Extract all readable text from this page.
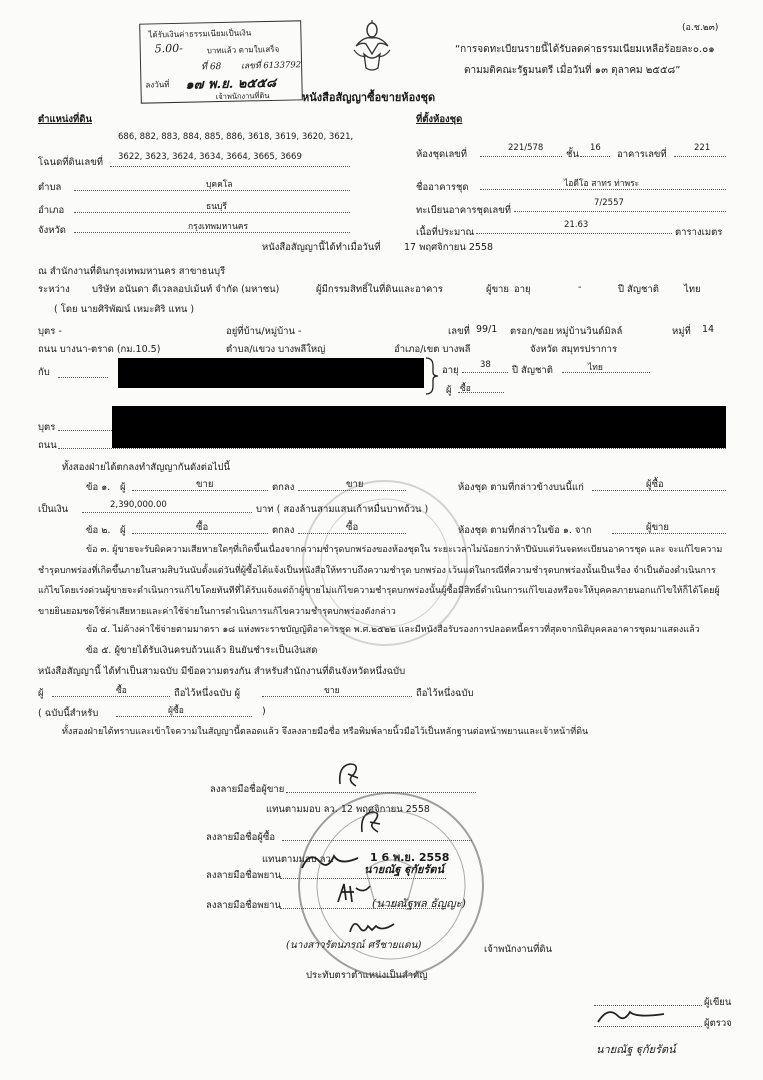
(อ.ช.๒๓)
“การจดทะเบียนรายนี้ได้รับลดค่าธรรมเนียมเหลือร้อยละ๐.๐๑
ตามมติคณะรัฐมนตรี เมื่อวันที่ ๑๓ ตุลาคม ๒๕๕๘”
หนังสือสัญญาซื้อขายห้องชุด
ได้รับเงินค่าธรรมเนียมเป็นเงิน
5.00-	บาทแล้ว ตามใบเสร็จ
ที่ 68 เลขที่ 6133792
ลงวันที่ ๑๗ พ.ย. ๒๕๕๘
เจ้าพนักงานที่ดิน
ตำแหน่งที่ดิน
686, 882, 883, 884, 885, 886, 3618, 3619, 3620, 3621,
โฉนดที่ดินเลขที่ 3622, 3623, 3624, 3634, 3664, 3665, 3669
ตำบล	บุคคโล
อำเภอ	ธนบุรี
จังหวัด	กรุงเทพมหานคร
ที่ตั้งห้องชุด
ห้องชุดเลขที่
221/578
ชั้น
16
อาคารเลขที่
221
ชื่ออาคารชุด	ไอดีโอ สาทร ท่าพระ
ทะเบียนอาคารชุดเลขที่
7/2557
เนื้อที่ประมาณ
21.63
ตารางเมตร
หนังสือสัญญานี้ได้ทำเมื่อวันที่ 17 พฤศจิกายน 2558
ณ สำนักงานที่ดินกรุงเทพมหานคร สาขาธนบุรี
ระหว่าง บริษัท อนันดา ดีเวลลอปเม้นท์ จำกัด (มหาชน)	ผู้มีกรรมสิทธิ์ในที่ดินและอาคาร	ผู้ขาย อายุ	-	ปี สัญชาติ	ไทย
( โดย นายศิริพัฒน์ เหมะศิริ แทน )
บุตร -	อยู่ที่บ้าน/หมู่บ้าน -	เลขที่ 99/1 ตรอก/ซอย หมู่บ้านวินด์มิลล์	หมู่ที่ 14
ถนน บางนา-ตราด (กม.10.5)	ตำบล/แขวง บางพลีใหญ่	อำเภอ/เขต บางพลี	จังหวัด สมุทรปราการ
กับ	อายุ	38 ปี สัญชาติ	ไทย
ผู้ ซื้อ
บุตร
ถนน
ทั้งสองฝ่ายได้ตกลงทำสัญญากันดังต่อไปนี้
ข้อ ๑. ผู้	ขาย	ตกลง	ขาย	ห้องชุด ตามที่กล่าวข้างบนนี้แก่	ผู้ซื้อ
เป็นเงิน	2,390,000.00	บาท ( สองล้านสามแสนเก้าหมื่นบาทถ้วน )
ข้อ ๒. ผู้	ซื้อ	ตกลง	ซื้อ	ห้องชุด ตามที่กล่าวในข้อ ๑. จาก	ผู้ขาย
ข้อ ๓. ผู้ขายจะรับผิดความเสียหายใดๆที่เกิดขึ้นเนื่องจากความชำรุดบกพร่องของห้องชุดใน ระยะเวลาไม่น้อยกว่าห้าปีนับแต่วันจดทะเบียนอาคารชุด และ จะแก้ไขความชำรุดบกพร่องที่เกิดขึ้นภายในสามสิบวันนับตั้งแต่วันที่ผู้ซื้อได้แจ้งเป็นหนังสือให้ทราบถึงความชำรุด บกพร่อง เว้นแต่ในกรณีที่ความชำรุดบกพร่องนั้นเป็นเรื่อง จำเป็นต้องดำเนินการแก้ไขโดยเร่งด่วนผู้ขายจะดำเนินการแก้ไขโดยทันทีที่ได้รับแจ้งแต่ถ้าผู้ขายไม่แก้ไขความชำรุดบกพร่องนั้นผู้ซื้อมีสิทธิ์ดำเนินการแก้ไขเองหรือจะให้บุคคลภายนอกแก้ไขให้ก็ได้โดยผู้ขายยินยอมชดใช้ค่าเสียหายและค่าใช้จ่ายในการดำเนินการแก้ไขความชำรุดบกพร่องดังกล่าว
ข้อ ๔. ไม่ค้างค่าใช้จ่ายตามมาตรา ๑๘ แห่งพระราชบัญญัติอาคารชุด พ.ศ.๒๕๒๒ และมีหนังสือรับรองการปลอดหนี้คราวที่สุดจากนิติบุคคลอาคารชุดมาแสดงแล้ว
ข้อ ๕. ผู้ขายได้รับเงินครบถ้วนแล้ว ยินยันชำระเป็นเงินสด
หนังสือสัญญานี้ ได้ทำเป็นสามฉบับ มีข้อความตรงกัน สำหรับสำนักงานที่ดินจังหวัดหนึ่งฉบับ
ผู้	ซื้อ	ถือไว้หนึ่งฉบับ ผู้	ขาย	ถือไว้หนึ่งฉบับ
( ฉบับนี้สำหรับ	ผู้ซื้อ	)
ทั้งสองฝ่ายได้ทราบและเข้าใจความในสัญญานี้ตลอดแล้ว จึงลงลายมือชื่อ หรือพิมพ์ลายนิ้วมือไว้เป็นหลักฐานต่อหน้าพยานและเจ้าหน้าที่ดิน
ลงลายมือชื่อผู้ขาย
แทนตามมอบ ลว. 12 พฤศจิกายน 2558
ลงลายมือชื่อผู้ซื้อ
แทนตามมอบ ลว.	1 6 พ.ย. 2558
ลงลายมือชื่อพยาน	นายณัฐ ฐุกัยรัตน์
ลงลายมือชื่อพยาน	(นายณัฐพล ธัญญะ)
(นางสาวรัตนภรณ์ ศรีชายแดน)	เจ้าพนักงานที่ดิน
ประทับตราตำแหน่งเป็นสำคัญ
ผู้เขียน
ผู้ตรวจ
นายณัฐ ฐุกัยรัตน์
